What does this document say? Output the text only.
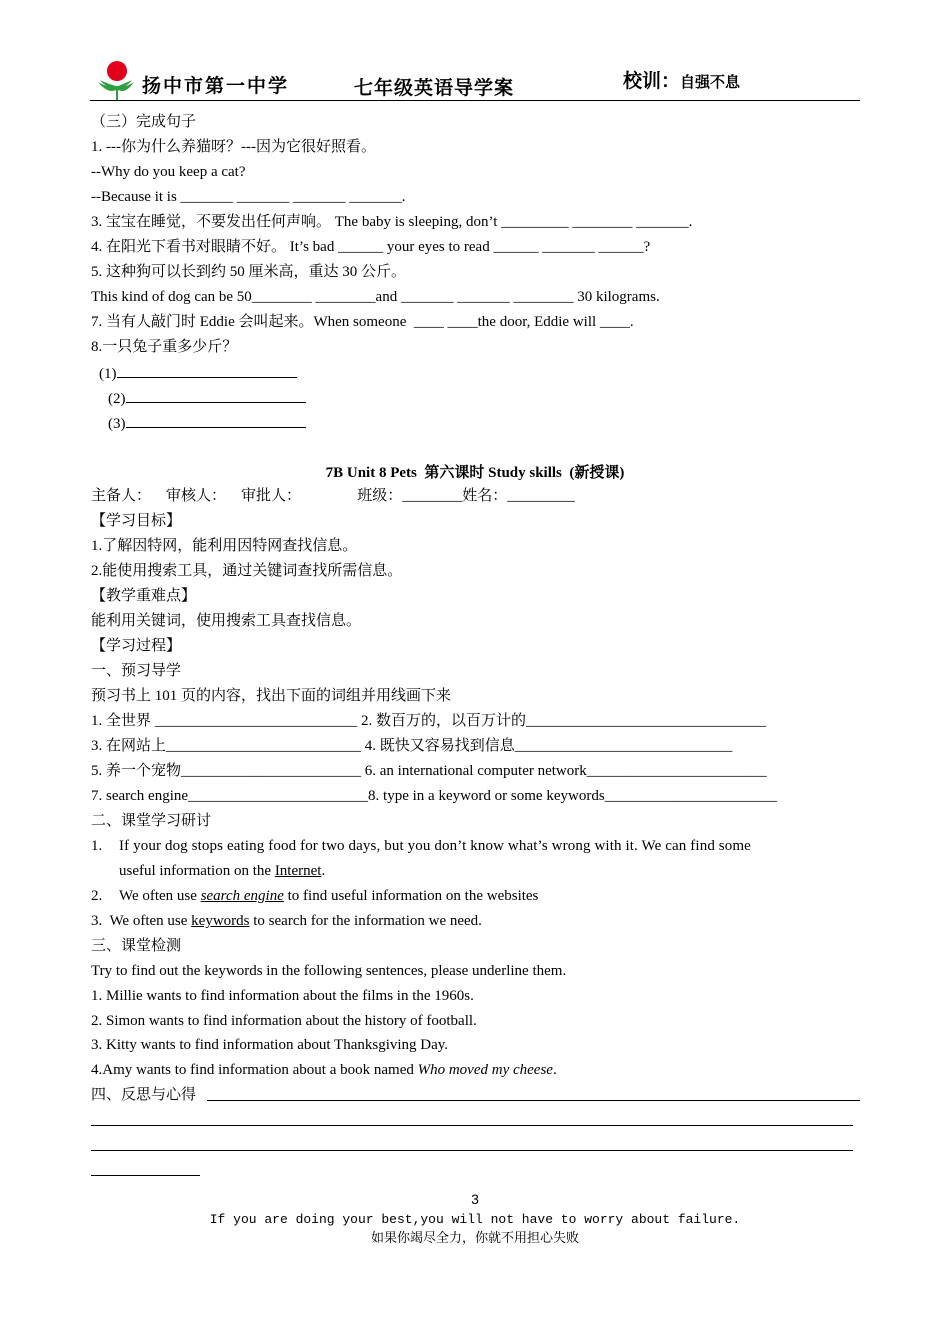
扬中市第一中学	七年级英语导学案	校训：自强不息
（三）完成句子
1. ---你为什么养猫呀？---因为它很好照看。
--Why do you keep a cat?
--Because it is _______ _______ _______ _______.
3. 宝宝在睡觉，不要发出任何声响。 The baby is sleeping, don’t _________ ________ _______.
4. 在阳光下看书对眼睛不好。 It’s bad ______ your eyes to read ______ _______ ______?
5. 这种狗可以长到约 50 厘米高，重达 30 公斤。
This kind of dog can be 50________ ________and _______ _______ ________ 30 kilograms.
7. 当有人敲门时 Eddie 会叫起来。When someone  ____ ____the door, Eddie will ____.
8.一只兔子重多少斤？
(1)
(2)
(3)
7B Unit 8 Pets  第六课时 Study skills  (新授课)
主备人：    审核人：    审批人：               班级：________姓名：_________
【学习目标】
1.了解因特网，能利用因特网查找信息。
2.能使用搜索工具，通过关键词查找所需信息。
【教学重难点】
能利用关键词，使用搜索工具查找信息。
【学习过程】
一、预习导学
预习书上 101 页的内容，找出下面的词组并用线画下来
1. 全世界 ___________________________ 2. 数百万的，以百万计的________________________________
3. 在网站上__________________________ 4. 既快又容易找到信息_____________________________
5. 养一个宠物________________________ 6. an international computer network________________________
7. search engine________________________8. type in a keyword or some keywords_______________________
二、课堂学习研讨
1. If your dog stops eating food for two days, but you don’t know what’s wrong with it. We can find some
useful information on the Internet.
2. We often use search engine to find useful information on the websites
3.  We often use keywords to search for the information we need.
三、课堂检测
Try to find out the keywords in the following sentences, please underline them.
1. Millie wants to find information about the films in the 1960s.
2. Simon wants to find information about the history of football.
3. Kitty wants to find information about Thanksgiving Day.
4.Amy wants to find information about a book named Who moved my cheese.
四、反思与心得
3
If you are doing your best,you will not have to worry about failure.
如果你竭尽全力，你就不用担心失败
